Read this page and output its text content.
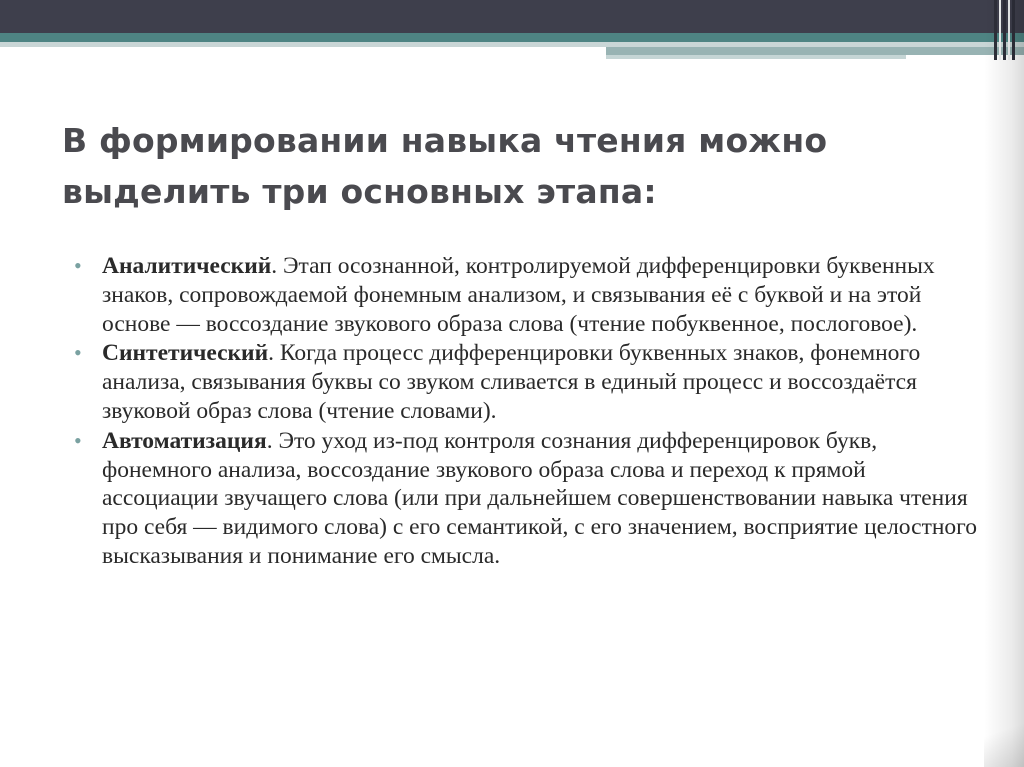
В формировании навыка чтения можно выделить три основных этапа:
• Аналитический. Этап осознанной, контролируемой дифференцировки буквенных знаков, сопровождаемой фонемным анализом, и связывания её с буквой и на этой основе — воссоздание звукового образа слова (чтение побуквенное, послоговое).
• Синтетический. Когда процесс дифференцировки буквенных знаков, фонемного анализа, связывания буквы со звуком сливается в единый процесс и воссоздаётся звуковой образ слова (чтение словами).
• Автоматизация. Это уход из-под контроля сознания дифференцировок букв, фонемного анализа, воссоздание звукового образа слова и переход к прямой ассоциации звучащего слова (или при дальнейшем совершенствовании навыка чтения про себя — видимого слова) с его семантикой, с его значением, восприятие целостного высказывания и понимание его смысла.
